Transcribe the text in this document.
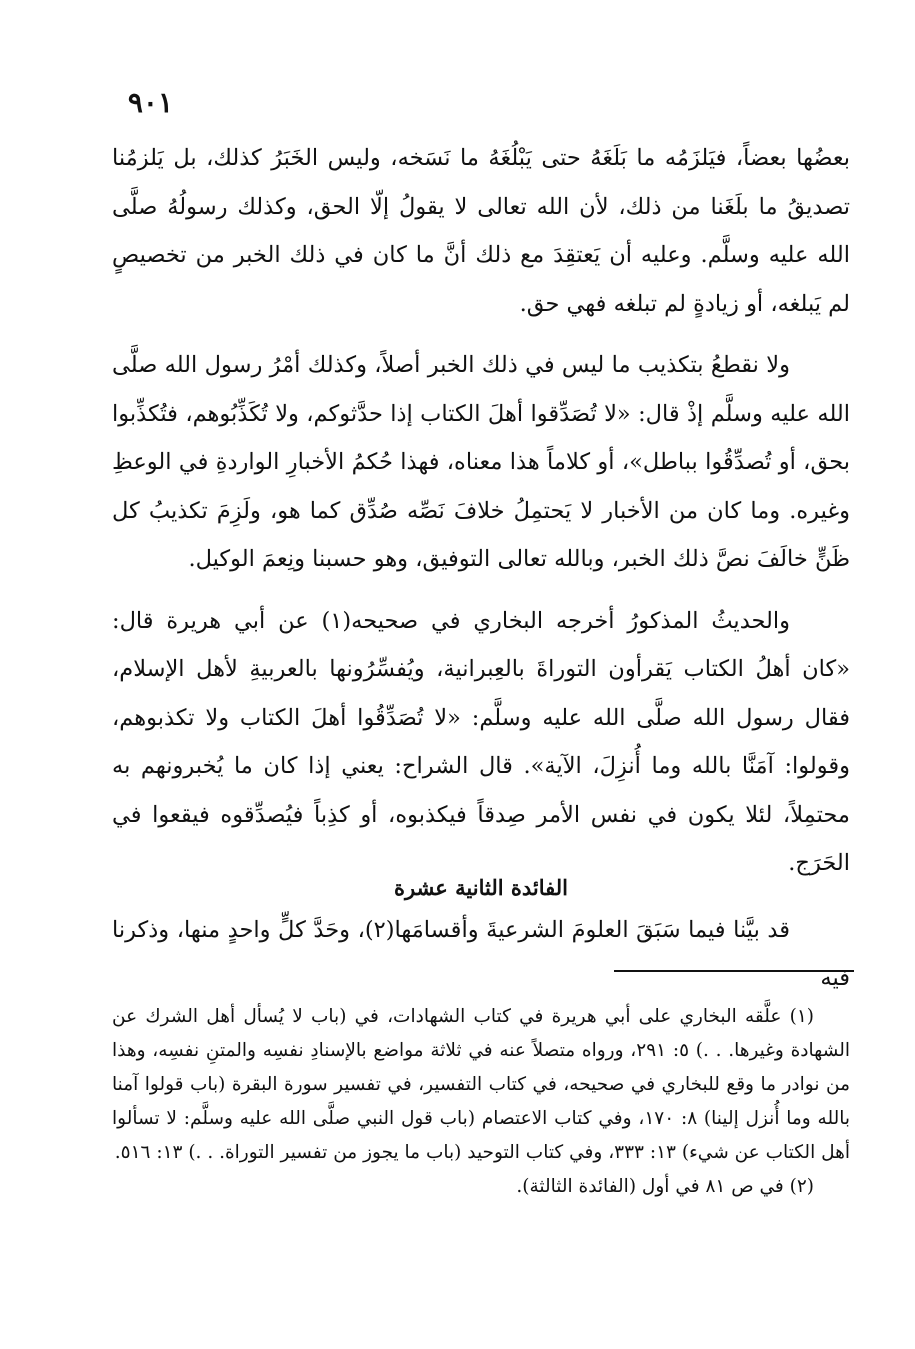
٩٠١

بعضُها بعضاً، فيَلزَمُه ما بَلَغَهُ حتى يَبْلُغَهُ ما نَسَخه، وليس الخَبَرُ كذلك، بل يَلزمُنا تصديقُ ما بلَغَنا من ذلك، لأن الله تعالى لا يقولُ إلّا الحق، وكذلك رسولُهُ صلَّى الله عليه وسلَّم. وعليه أن يَعتقِدَ مع ذلك أنَّ ما كان في ذلك الخبر من تخصيصٍ لم يَبلغه، أو زيادةٍ لم تبلغه فهي حق.

ولا نقطعُ بتكذيب ما ليس في ذلك الخبر أصلاً، وكذلك أمْرُ رسول الله صلَّى الله عليه وسلَّم إذْ قال: «لا تُصَدِّقوا أهلَ الكتاب إذا حدَّثوكم، ولا تُكَذِّبُوهم، فتُكذِّبوا بحق، أو تُصدِّقُوا بباطل»، أو كلاماً هذا معناه، فهذا حُكمُ الأخبارِ الواردةِ في الوعظِ وغيره. وما كان من الأخبار لا يَحتمِلُ خلافَ نَصِّه صُدِّق كما هو، ولَزِمَ تكذيبُ كل ظَنٍّ خالَفَ نصَّ ذلك الخبر، وبالله تعالى التوفيق، وهو حسبنا ونِعمَ الوكيل.

والحديثُ المذكورُ أخرجه البخاري في صحيحه(١) عن أبي هريرة قال: «كان أهلُ الكتاب يَقرأون التوراةَ بالعِبرانية، ويُفسِّرُونها بالعربيةِ لأهل الإسلام، فقال رسول الله صلَّى الله عليه وسلَّم: «لا تُصَدِّقُوا أهلَ الكتاب ولا تكذبوهم، وقولوا: آمَنَّا بالله وما أُنزِلَ، الآية». قال الشراح: يعني إذا كان ما يُخبرونهم به محتمِلاً، لئلا يكون في نفس الأمر صِدقاً فيكذبوه، أو كذِباً فيُصدِّقوه فيقعوا في الحَرَج.

الفائدة الثانية عشرة
قد بيَّنا فيما سَبَقَ العلومَ الشرعيةَ وأقسامَها(٢)، وحَدَّ كلٍّ واحدٍ منها، وذكرنا فيه

(١) علَّقه البخاري على أبي هريرة في كتاب الشهادات، في (باب لا يُسأل أهل الشرك عن الشهادة وغيرها. . .) ٥: ٢٩١، ورواه متصلاً عنه في ثلاثة مواضع بالإسنادِ نفسِه والمتنِ نفسِه، وهذا من نوادر ما وقع للبخاري في صحيحه، في كتاب التفسير، في تفسير سورة البقرة (باب قولوا آمنا بالله وما أُنزل إلينا) ٨: ١٧٠، وفي كتاب الاعتصام (باب قول النبي صلَّى الله عليه وسلَّم: لا تسألوا أهل الكتاب عن شيء) ١٣: ٣٣٣، وفي كتاب التوحيد (باب ما يجوز من تفسير التوراة. . .) ١٣: ٥١٦.

(٢) في ص ٨١ في أول (الفائدة الثالثة).
